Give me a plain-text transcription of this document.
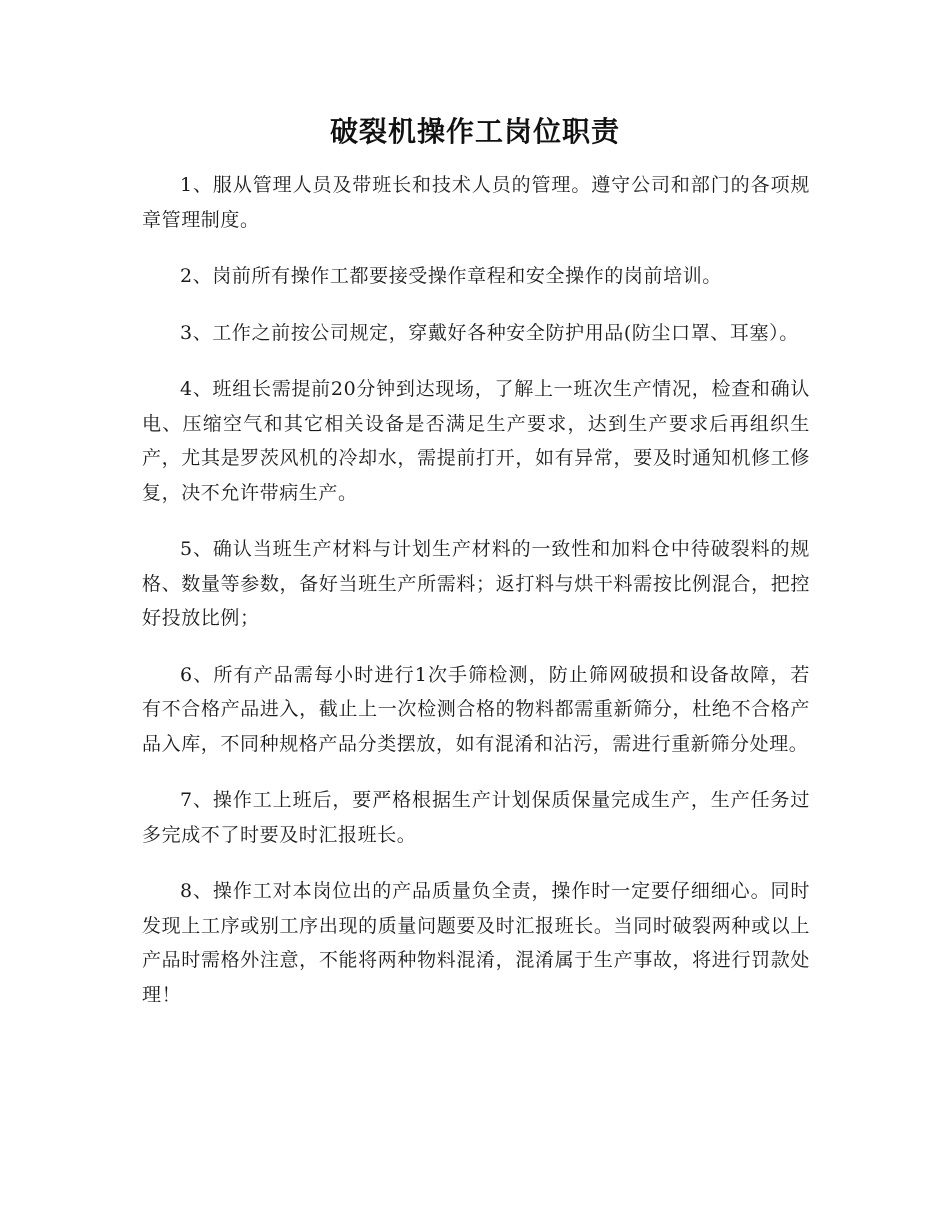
破裂机操作工岗位职责

1、服从管理人员及带班长和技术人员的管理。遵守公司和部门的各项规章管理制度。

2、岗前所有操作工都要接受操作章程和安全操作的岗前培训。

3、工作之前按公司规定，穿戴好各种安全防护用品(防尘口罩、耳塞）。

4、班组长需提前20分钟到达现场，了解上一班次生产情况，检查和确认电、压缩空气和其它相关设备是否满足生产要求，达到生产要求后再组织生产，尤其是罗茨风机的冷却水，需提前打开，如有异常，要及时通知机修工修复，决不允许带病生产。

5、确认当班生产材料与计划生产材料的一致性和加料仓中待破裂料的规格、数量等参数，备好当班生产所需料；返打料与烘干料需按比例混合，把控好投放比例；

6、所有产品需每小时进行1次手筛检测，防止筛网破损和设备故障，若有不合格产品进入，截止上一次检测合格的物料都需重新筛分，杜绝不合格产品入库，不同种规格产品分类摆放，如有混淆和沾污，需进行重新筛分处理。

7、操作工上班后，要严格根据生产计划保质保量完成生产，生产任务过多完成不了时要及时汇报班长。

8、操作工对本岗位出的产品质量负全责，操作时一定要仔细细心。同时发现上工序或别工序出现的质量问题要及时汇报班长。当同时破裂两种或以上产品时需格外注意，不能将两种物料混淆，混淆属于生产事故，将进行罚款处理！
